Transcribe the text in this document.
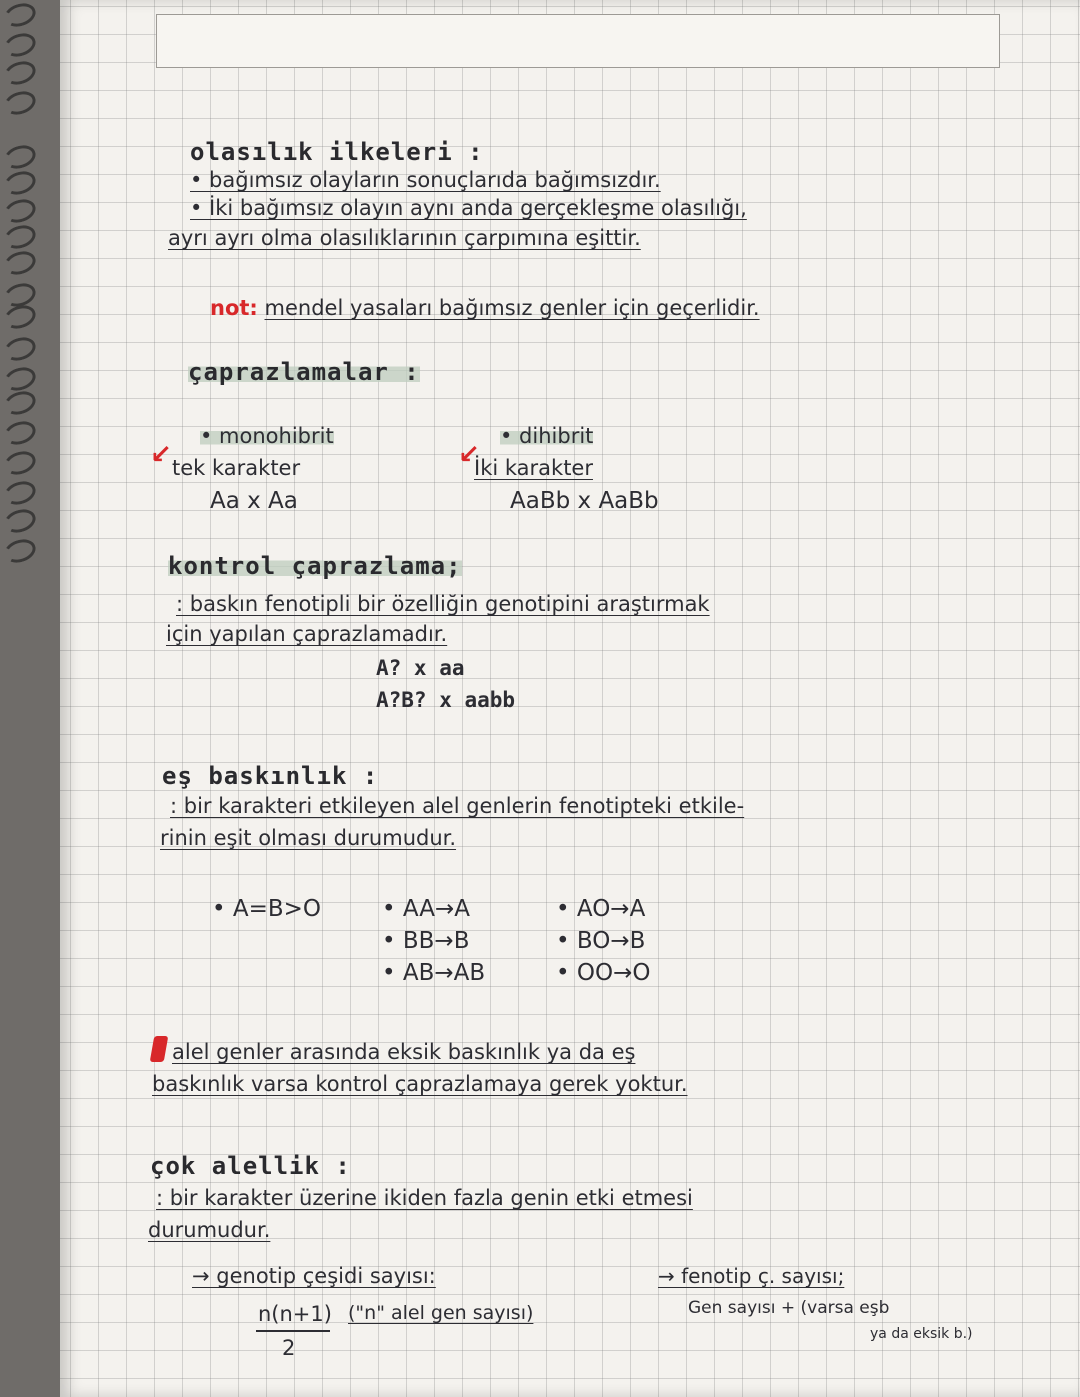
olasılık ilkeleri :
• bağımsız olayların sonuçlarıda bağımsızdır.
• İki bağımsız olayın aynı anda gerçekleşme olasılığı,
ayrı ayrı olma olasılıklarının çarpımına eşittir.
not: mendel yasaları bağımsız genler için geçerlidir.
çaprazlamalar :
↙
• monohibrit
tek karakter
Aa x Aa
↙
• dihibrit
İki karakter
AaBb x AaBb
kontrol çaprazlama;
: baskın fenotipli bir özelliğin genotipini araştırmak
için yapılan çaprazlamadır.
A? x aa
A?B? x aabb
eş baskınlık :
: bir karakteri etkileyen alel genlerin fenotipteki etkile-
rinin eşit olması durumudur.
• A=B>O	• AA→A
• BB→B
• AB→AB
• AO→A
• BO→B
• OO→O
alel genler arasında eksik baskınlık ya da eş
baskınlık varsa kontrol çaprazlamaya gerek yoktur.
çok alellik :
: bir karakter üzerine ikiden fazla genin etki etmesi
durumudur.
→ genotip çeşidi sayısı:
n(n+1)
2
("n" alel gen sayısı)
→ fenotip ç. sayısı;
Gen sayısı + (varsa eşb
ya da eksik b.)
